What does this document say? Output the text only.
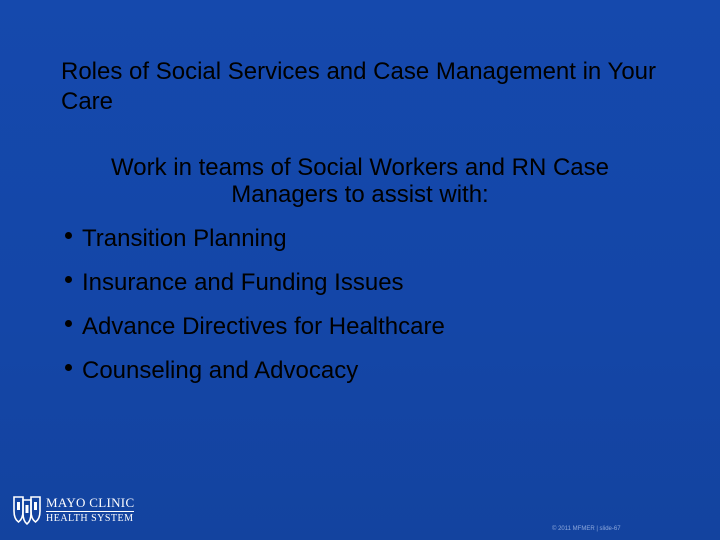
Roles of Social Services and Case Management in Your Care
Work in teams of Social Workers and RN Case Managers to assist with:
Transition Planning
Insurance and Funding Issues
Advance Directives for Healthcare
Counseling and Advocacy
MAYO CLINIC
HEALTH SYSTEM
© 2011 MFMER | slide-67
